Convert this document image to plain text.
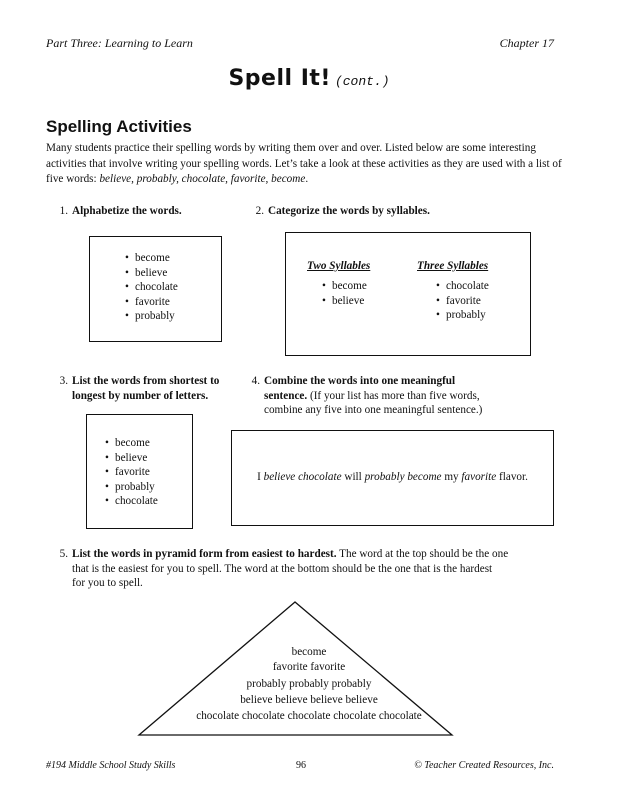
Part Three: Learning to Learn	Chapter 17
Spell It! (cont.)
Spelling Activities
Many students practice their spelling words by writing them over and over. Listed below are some interesting activities that involve writing your spelling words. Let’s take a look at these activities as they are used with a list of five words: believe, probably, chocolate, favorite, become.
1. Alphabetize the words.
• become
• believe
• chocolate
• favorite
• probably
2. Categorize the words by syllables.
Two Syllables
• become
• believe
Three Syllables
• chocolate
• favorite
• probably
3. List the words from shortest to
longest by number of letters.
• become
• believe
• favorite
• probably
• chocolate
4. Combine the words into one meaningful
sentence. (If your list has more than five words,
combine any five into one meaningful sentence.)
I believe chocolate will probably become my favorite flavor.
5. List the words in pyramid form from easiest to hardest. The word at the top should be the one
that is the easiest for you to spell. The word at the bottom should be the one that is the hardest
for you to spell.
become
favorite favorite
probably probably probably
believe believe believe believe
chocolate chocolate chocolate chocolate chocolate
#194 Middle School Study Skills	96	© Teacher Created Resources, Inc.
